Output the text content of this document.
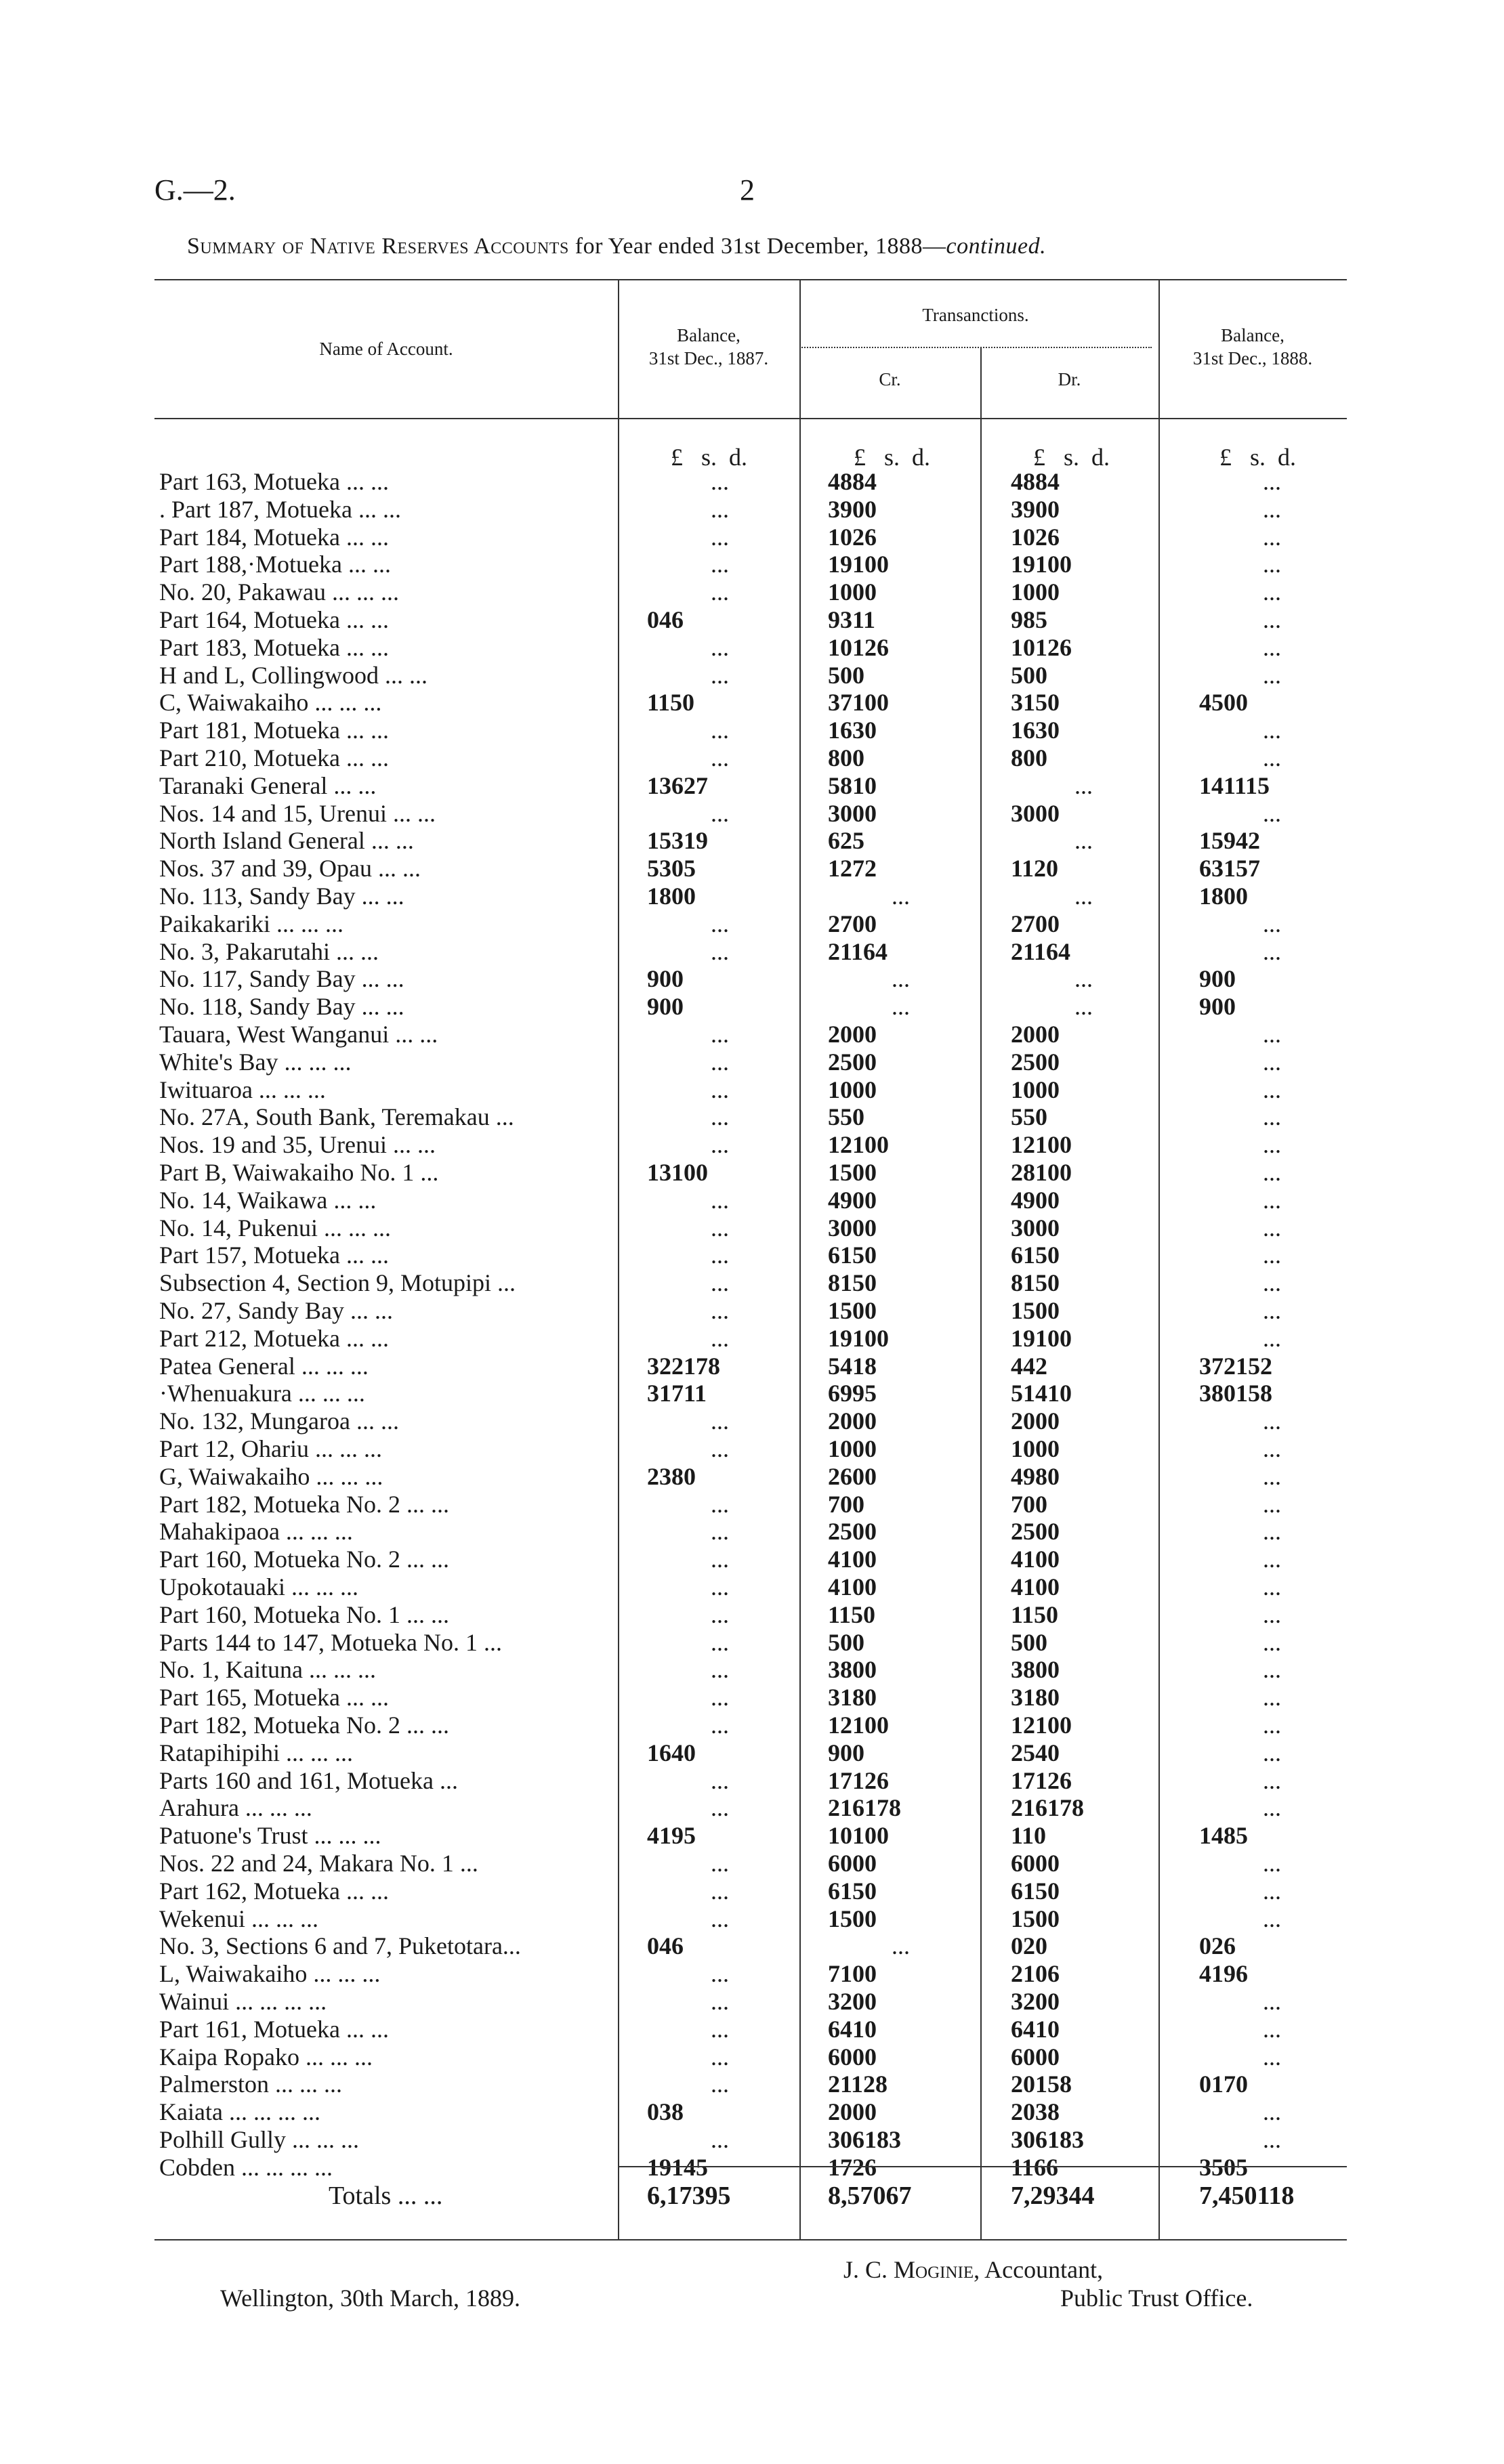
G.—2.	2
Summary of Native Reserves Accounts for Year ended 31st December, 1888—continued.
Name of Account.
Balance,
31st Dec., 1887.
Transanctions.
Cr.	Dr.
Balance,
31st Dec., 1888.
£   s.  d.	£   s.  d.	£   s.  d.	£   s.  d.
Part 163, Motueka ... ...	...	4884	4884	...
. Part 187, Motueka ... ...	...	3900	3900	...
Part 184, Motueka ... ...	...	1026	1026	...
Part 188,·Motueka ... ...	...	19100	19100	...
No. 20, Pakawau ... ... ...	...	1000	1000	...
Part 164, Motueka ... ...	046	9311	985	...
Part 183, Motueka ... ...	...	10126	10126	...
H and L, Collingwood ... ...	...	500	500	...
C, Waiwakaiho ... ... ...	1150	37100	3150	4500
Part 181, Motueka ... ...	...	1630	1630	...
Part 210, Motueka ... ...	...	800	800	...
Taranaki General ... ...	13627	5810	...	141115
Nos. 14 and 15, Urenui ... ...	...	3000	3000	...
North Island General ... ...	15319	625	...	15942
Nos. 37 and 39, Opau ... ...	5305	1272	1120	63157
No. 113, Sandy Bay ... ...	1800	...	...	1800
Paikakariki ... ... ...	...	2700	2700	...
No. 3, Pakarutahi ... ...	...	21164	21164	...
No. 117, Sandy Bay ... ...	900	...	...	900
No. 118, Sandy Bay ... ...	900	...	...	900
Tauara, West Wanganui ... ...	...	2000	2000	...
White's Bay ... ... ...	...	2500	2500	...
Iwituaroa ... ... ...	...	1000	1000	...
No. 27A, South Bank, Teremakau ...	...	550	550	...
Nos. 19 and 35, Urenui ... ...	...	12100	12100	...
Part B, Waiwakaiho No. 1 ...	13100	1500	28100	...
No. 14, Waikawa ... ...	...	4900	4900	...
No. 14, Pukenui ... ... ...	...	3000	3000	...
Part 157, Motueka ... ...	...	6150	6150	...
Subsection 4, Section 9, Motupipi ...	...	8150	8150	...
No. 27, Sandy Bay ... ...	...	1500	1500	...
Part 212, Motueka ... ...	...	19100	19100	...
Patea General ... ... ...	322178	5418	442	372152
·Whenuakura ... ... ...	31711	6995	51410	380158
No. 132, Mungaroa ... ...	...	2000	2000	...
Part 12, Ohariu ... ... ...	...	1000	1000	...
G, Waiwakaiho ... ... ...	2380	2600	4980	...
Part 182, Motueka No. 2 ... ...	...	700	700	...
Mahakipaoa ... ... ...	...	2500	2500	...
Part 160, Motueka No. 2 ... ...	...	4100	4100	...
Upokotauaki ... ... ...	...	4100	4100	...
Part 160, Motueka No. 1 ... ...	...	1150	1150	...
Parts 144 to 147, Motueka No. 1 ...	...	500	500	...
No. 1, Kaituna ... ... ...	...	3800	3800	...
Part 165, Motueka ... ...	...	3180	3180	...
Part 182, Motueka No. 2 ... ...	...	12100	12100	...
Ratapihipihi ... ... ...	1640	900	2540	...
Parts 160 and 161, Motueka ...	...	17126	17126	...
Arahura ... ... ...	...	216178	216178	...
Patuone's Trust ... ... ...	4195	10100	110	1485
Nos. 22 and 24, Makara No. 1 ...	...	6000	6000	...
Part 162, Motueka ... ...	...	6150	6150	...
Wekenui ... ... ...	...	1500	1500	...
No. 3, Sections 6 and 7, Puketotara...	046	...	020	026
L, Waiwakaiho ... ... ...	...	7100	2106	4196
Wainui ... ... ... ...	...	3200	3200	...
Part 161, Motueka ... ...	...	6410	6410	...
Kaipa Ropako ... ... ...	...	6000	6000	...
Palmerston ... ... ...	...	21128	20158	0170
Kaiata ... ... ... ...	038	2000	2038	...
Polhill Gully ... ... ...	...	306183	306183	...
Cobden ... ... ... ...	19145	1726	1166	3505
Totals ... ...	6,17395	8,57067	7,29344	7,450118
J. C. Moginie, Accountant,
Wellington, 30th March, 1889.	Public Trust Office.
